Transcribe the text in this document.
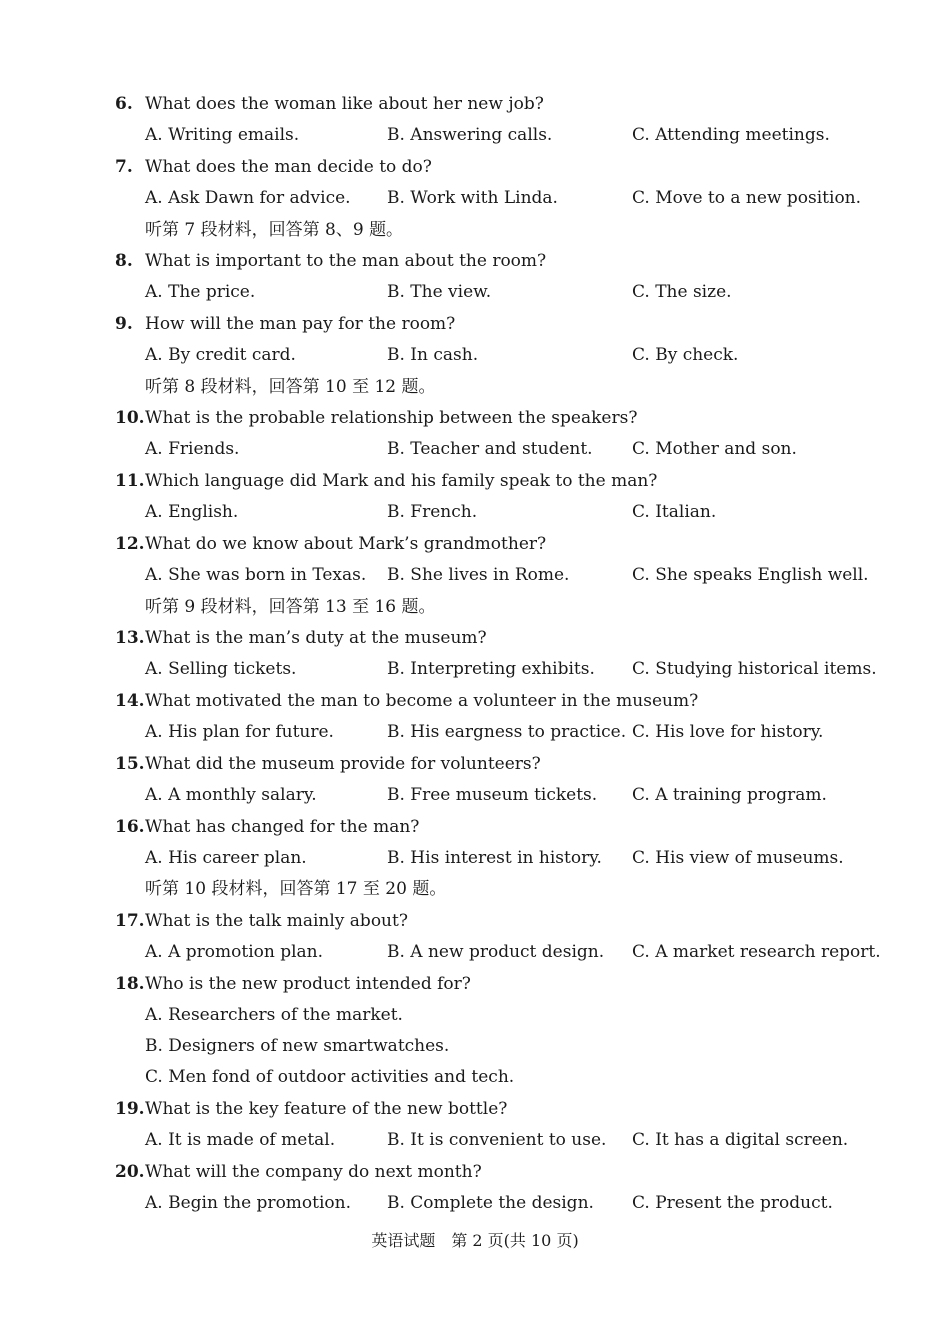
6. What does the woman like about her new job?
A. Writing emails.	B. Answering calls.	C. Attending meetings.
7. What does the man decide to do?
A. Ask Dawn for advice. B. Work with Linda.	C. Move to a new position.
听第 7 段材料，回答第 8、9 题。
8. What is important to the man about the room?
A. The price.	B. The view.	C. The size.
9. How will the man pay for the room?
A. By credit card.	B. In cash.	C. By check.
听第 8 段材料，回答第 10 至 12 题。
10. What is the probable relationship between the speakers?
A. Friends.	B. Teacher and student. C. Mother and son.
11. Which language did Mark and his family speak to the man?
A. English.	B. French.	C. Italian.
12. What do we know about Mark’s grandmother?
A. She was born in Texas. B. She lives in Rome.	C. She speaks English well.
听第 9 段材料，回答第 13 至 16 题。
13. What is the man’s duty at the museum?
A. Selling tickets.	B. Interpreting exhibits. C. Studying historical items.
14. What motivated the man to become a volunteer in the museum?
A. His plan for future.	B. His eargness to practice. C. His love for history.
15. What did the museum provide for volunteers?
A. A monthly salary.	B. Free museum tickets. C. A training program.
16. What has changed for the man?
A. His career plan.	B. His interest in history. C. His view of museums.
听第 10 段材料，回答第 17 至 20 题。
17. What is the talk mainly about?
A. A promotion plan.	B. A new product design. C. A market research report.
18. Who is the new product intended for?
A. Researchers of the market.
B. Designers of new smartwatches.
C. Men fond of outdoor activities and tech.
19. What is the key feature of the new bottle?
A. It is made of metal.	B. It is convenient to use. C. It has a digital screen.
20. What will the company do next month?
A. Begin the promotion. B. Complete the design. C. Present the product.
英语试题　第 2 页(共 10 页)
